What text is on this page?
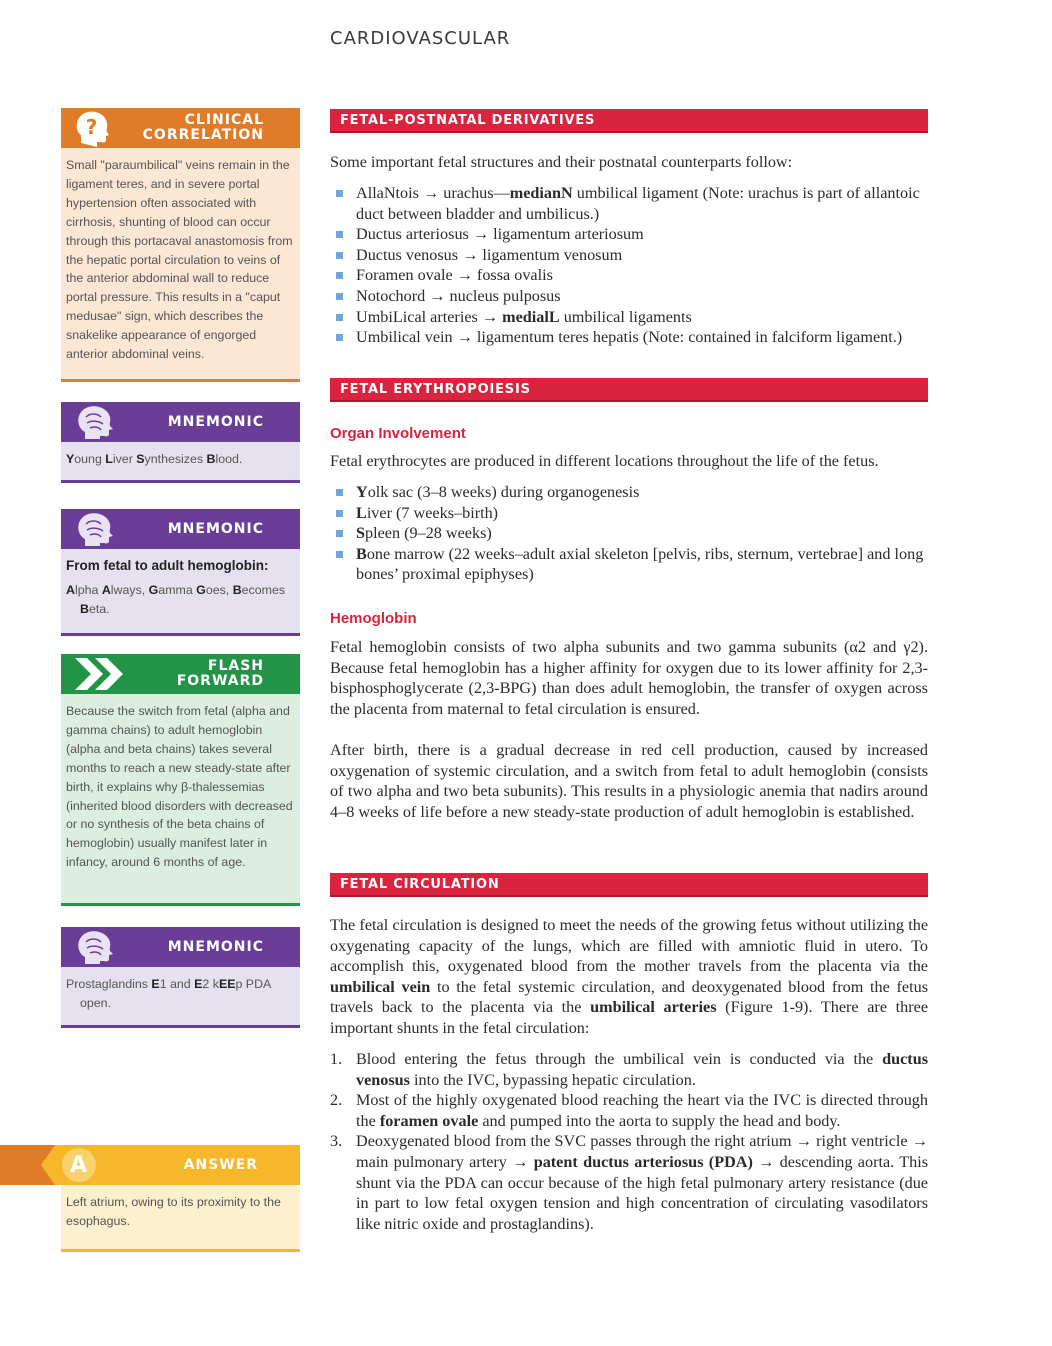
CARDIOVASCULAR
?	CLINICAL
CORRELATION
Small "paraumbilical" veins remain in the ligament teres, and in severe portal hypertension often associated with cirrhosis, shunting of blood can occur through this portacaval anastomosis from the hepatic portal circulation to veins of the anterior abdominal wall to reduce portal pressure. This results in a "caput medusae" sign, which describes the snakelike appearance of engorged anterior abdominal veins.
MNEMONIC
Young Liver Synthesizes Blood.
MNEMONIC
From fetal to adult hemoglobin:
Alpha Always, Gamma Goes, Becomes Beta.
FLASH
FORWARD
Because the switch from fetal (alpha and gamma chains) to adult hemoglobin (alpha and beta chains) takes several months to reach a new steady-state after birth, it explains why β-thalessemias (inherited blood disorders with decreased or no synthesis of the beta chains of hemoglobin) usually manifest later in infancy, around 6 months of age.
MNEMONIC
Prostaglandins E1 and E2 kEEp PDA open.
A	ANSWER
Left atrium, owing to its proximity to the esophagus.
FETAL-POSTNATAL DERIVATIVES
Some important fetal structures and their postnatal counterparts follow:
AllaNtois → urachus—medianN umbilical ligament (Note: urachus is part of allantoic duct between bladder and umbilicus.)
Ductus arteriosus → ligamentum arteriosum
Ductus venosus → ligamentum venosum
Foramen ovale → fossa ovalis
Notochord → nucleus pulposus
UmbiLical arteries → medialL umbilical ligaments
Umbilical vein → ligamentum teres hepatis (Note: contained in falciform ligament.)
FETAL ERYTHROPOIESIS
Organ Involvement
Fetal erythrocytes are produced in different locations throughout the life of the fetus.
Yolk sac (3–8 weeks) during organogenesis
Liver (7 weeks–birth)
Spleen (9–28 weeks)
Bone marrow (22 weeks–adult axial skeleton [pelvis, ribs, sternum, vertebrae] and long bones’ proximal epiphyses)
Hemoglobin
Fetal hemoglobin consists of two alpha subunits and two gamma subunits (α2 and γ2). Because fetal hemoglobin has a higher affinity for oxygen due to its lower affinity for 2,3-bisphosphoglycerate (2,3-BPG) than does adult hemoglobin, the transfer of oxygen across the placenta from maternal to fetal circulation is ensured.
After birth, there is a gradual decrease in red cell production, caused by increased oxygenation of systemic circulation, and a switch from fetal to adult hemoglobin (consists of two alpha and two beta subunits). This results in a physiologic anemia that nadirs around 4–8 weeks of life before a new steady-state production of adult hemoglobin is established.
FETAL CIRCULATION
The fetal circulation is designed to meet the needs of the growing fetus without utilizing the oxygenating capacity of the lungs, which are filled with amniotic fluid in utero. To accomplish this, oxygenated blood from the mother travels from the placenta via the umbilical vein to the fetal systemic circulation, and deoxygenated blood from the fetus travels back to the placenta via the umbilical arteries (Figure 1-9). There are three important shunts in the fetal circulation:
1. Blood entering the fetus through the umbilical vein is conducted via the ductus venosus into the IVC, bypassing hepatic circulation.
2. Most of the highly oxygenated blood reaching the heart via the IVC is directed through the foramen ovale and pumped into the aorta to supply the head and body.
3. Deoxygenated blood from the SVC passes through the right atrium → right ventricle → main pulmonary artery → patent ductus arteriosus (PDA) → descending aorta. This shunt via the PDA can occur because of the high fetal pulmonary artery resistance (due in part to low fetal oxygen tension and high concentration of circulating vasodilators like nitric oxide and prostaglandins).
